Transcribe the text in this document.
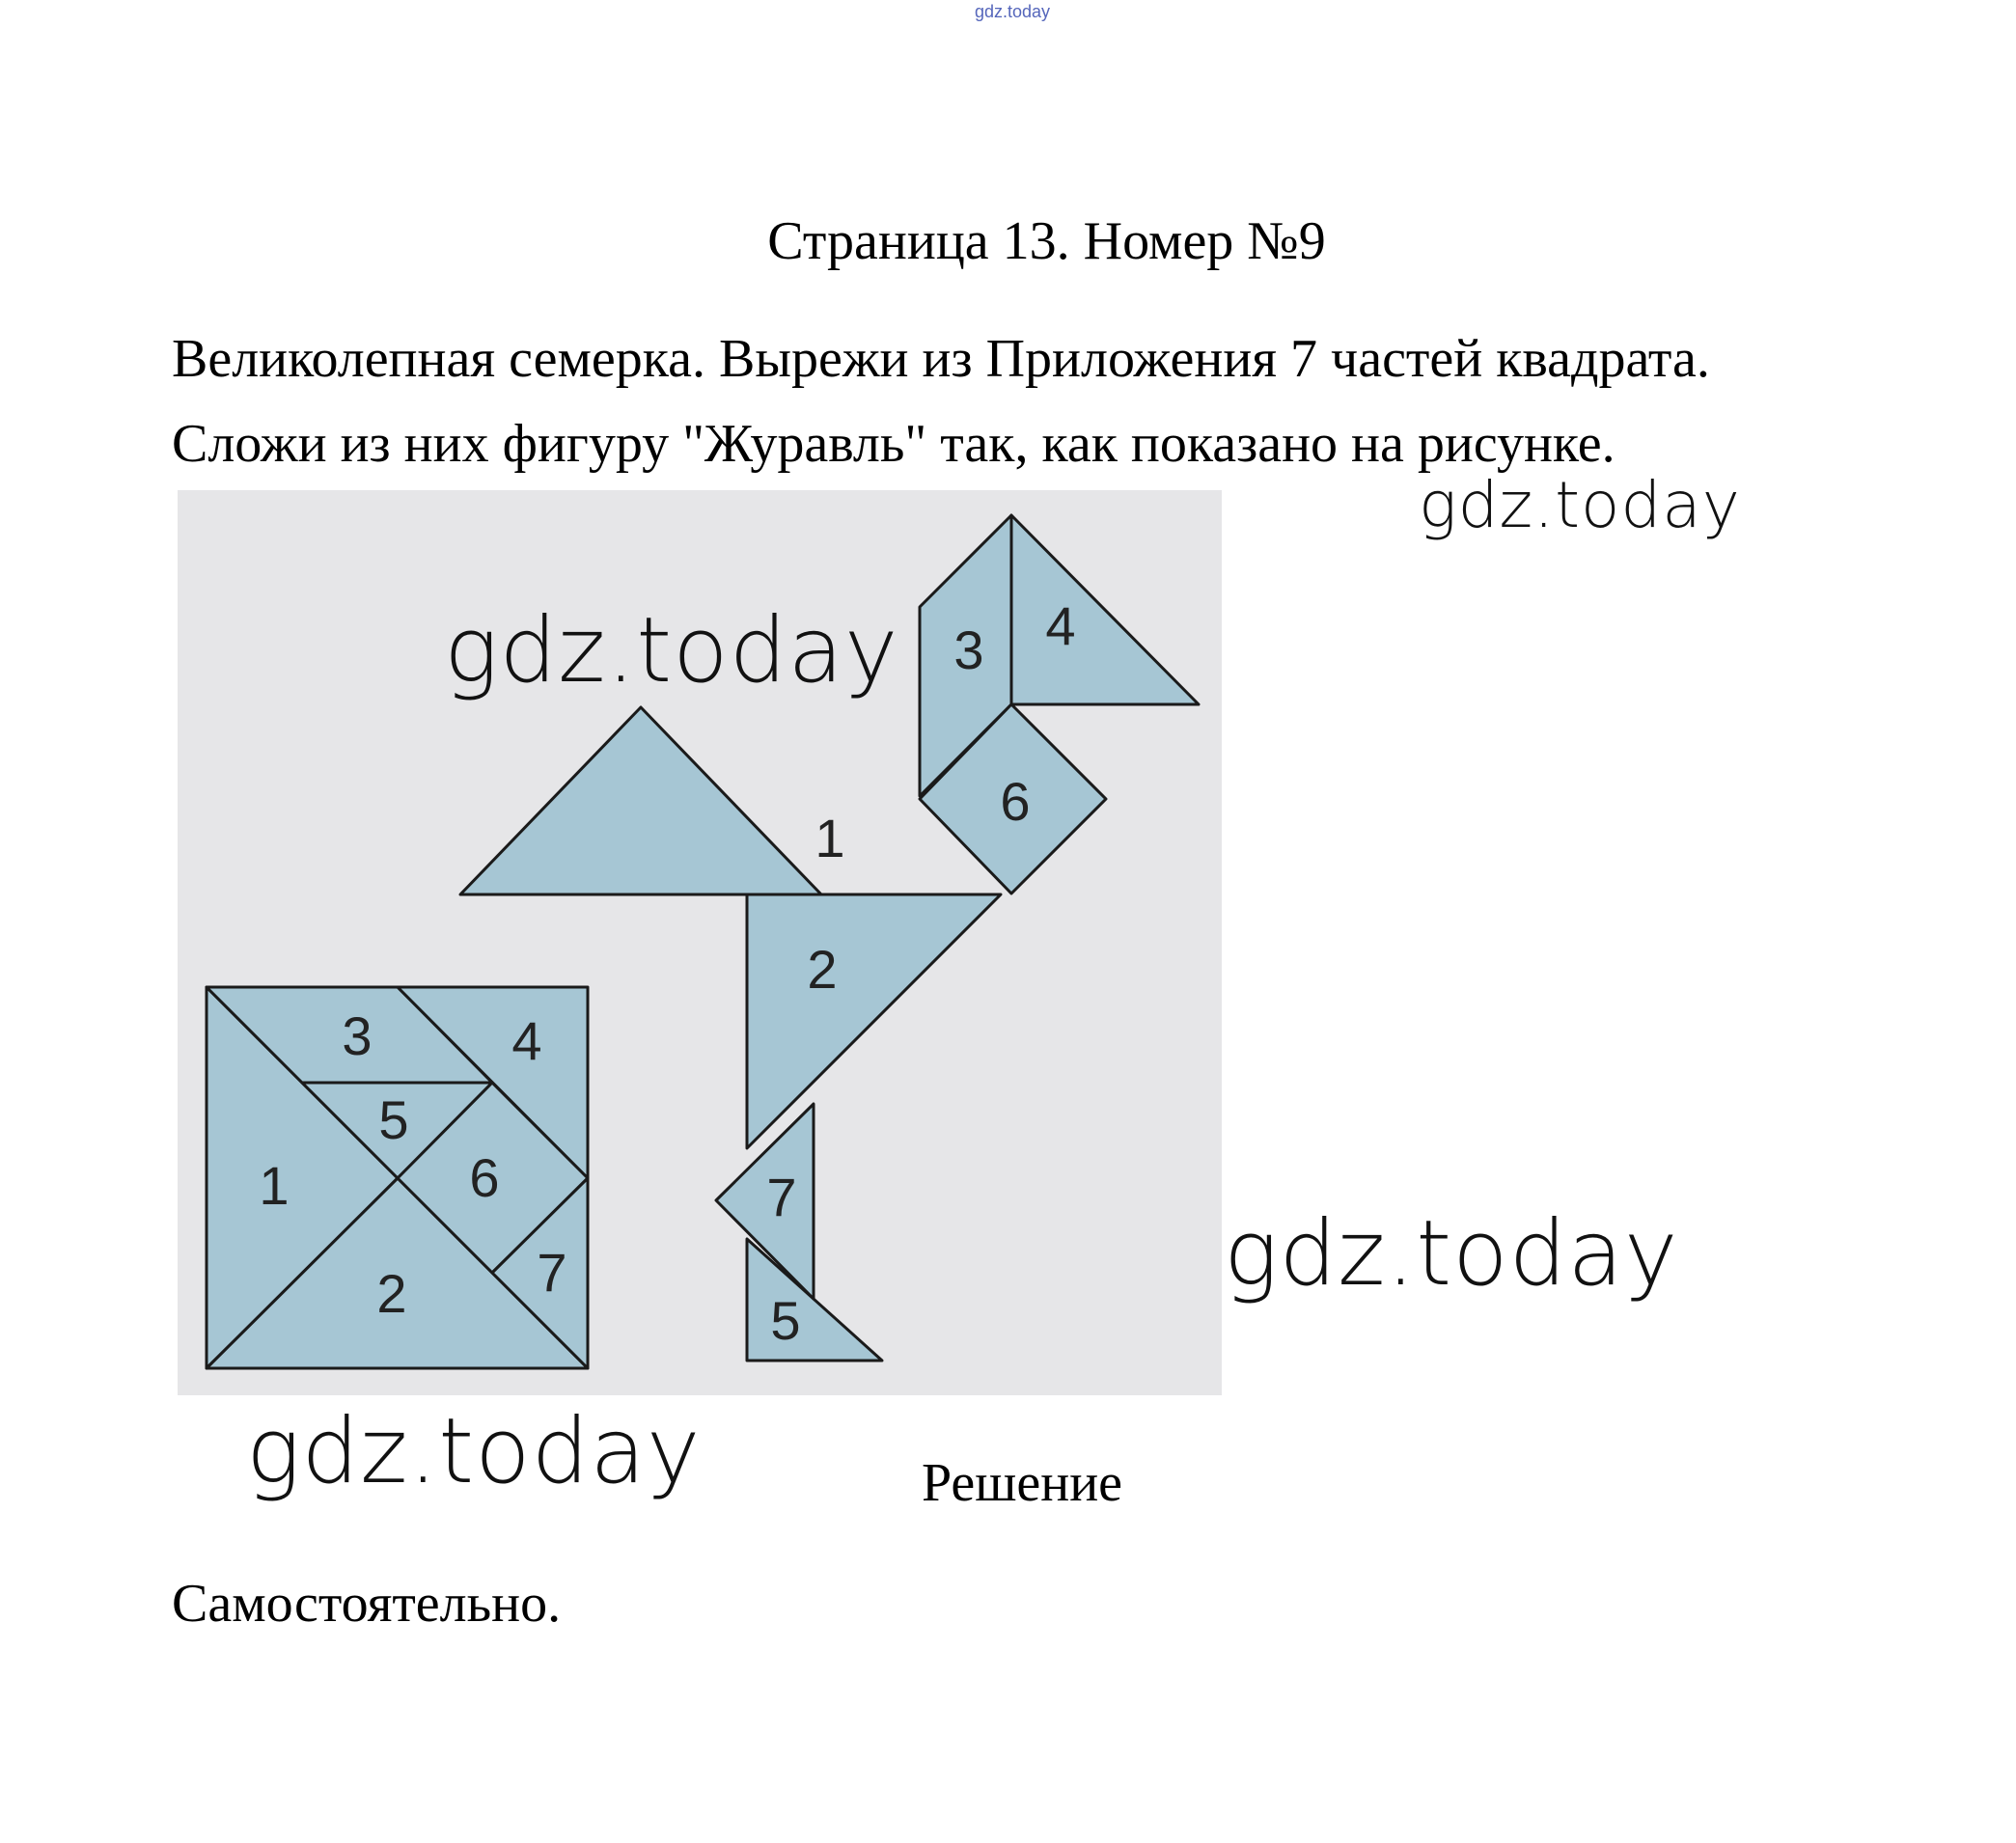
gdz.today
Страница 13. Номер №9
Великолепная семерка. Вырежи из Приложения 7 частей квадрата.
Сложи из них фигуру "Журавль" так, как показано на рисунке.
1
2
3	4
5
6
7
1
2
3 4
5
6
7
gdz.today
gdz.today
gdz.today
gdz.today	Решение
Самостоятельно.
